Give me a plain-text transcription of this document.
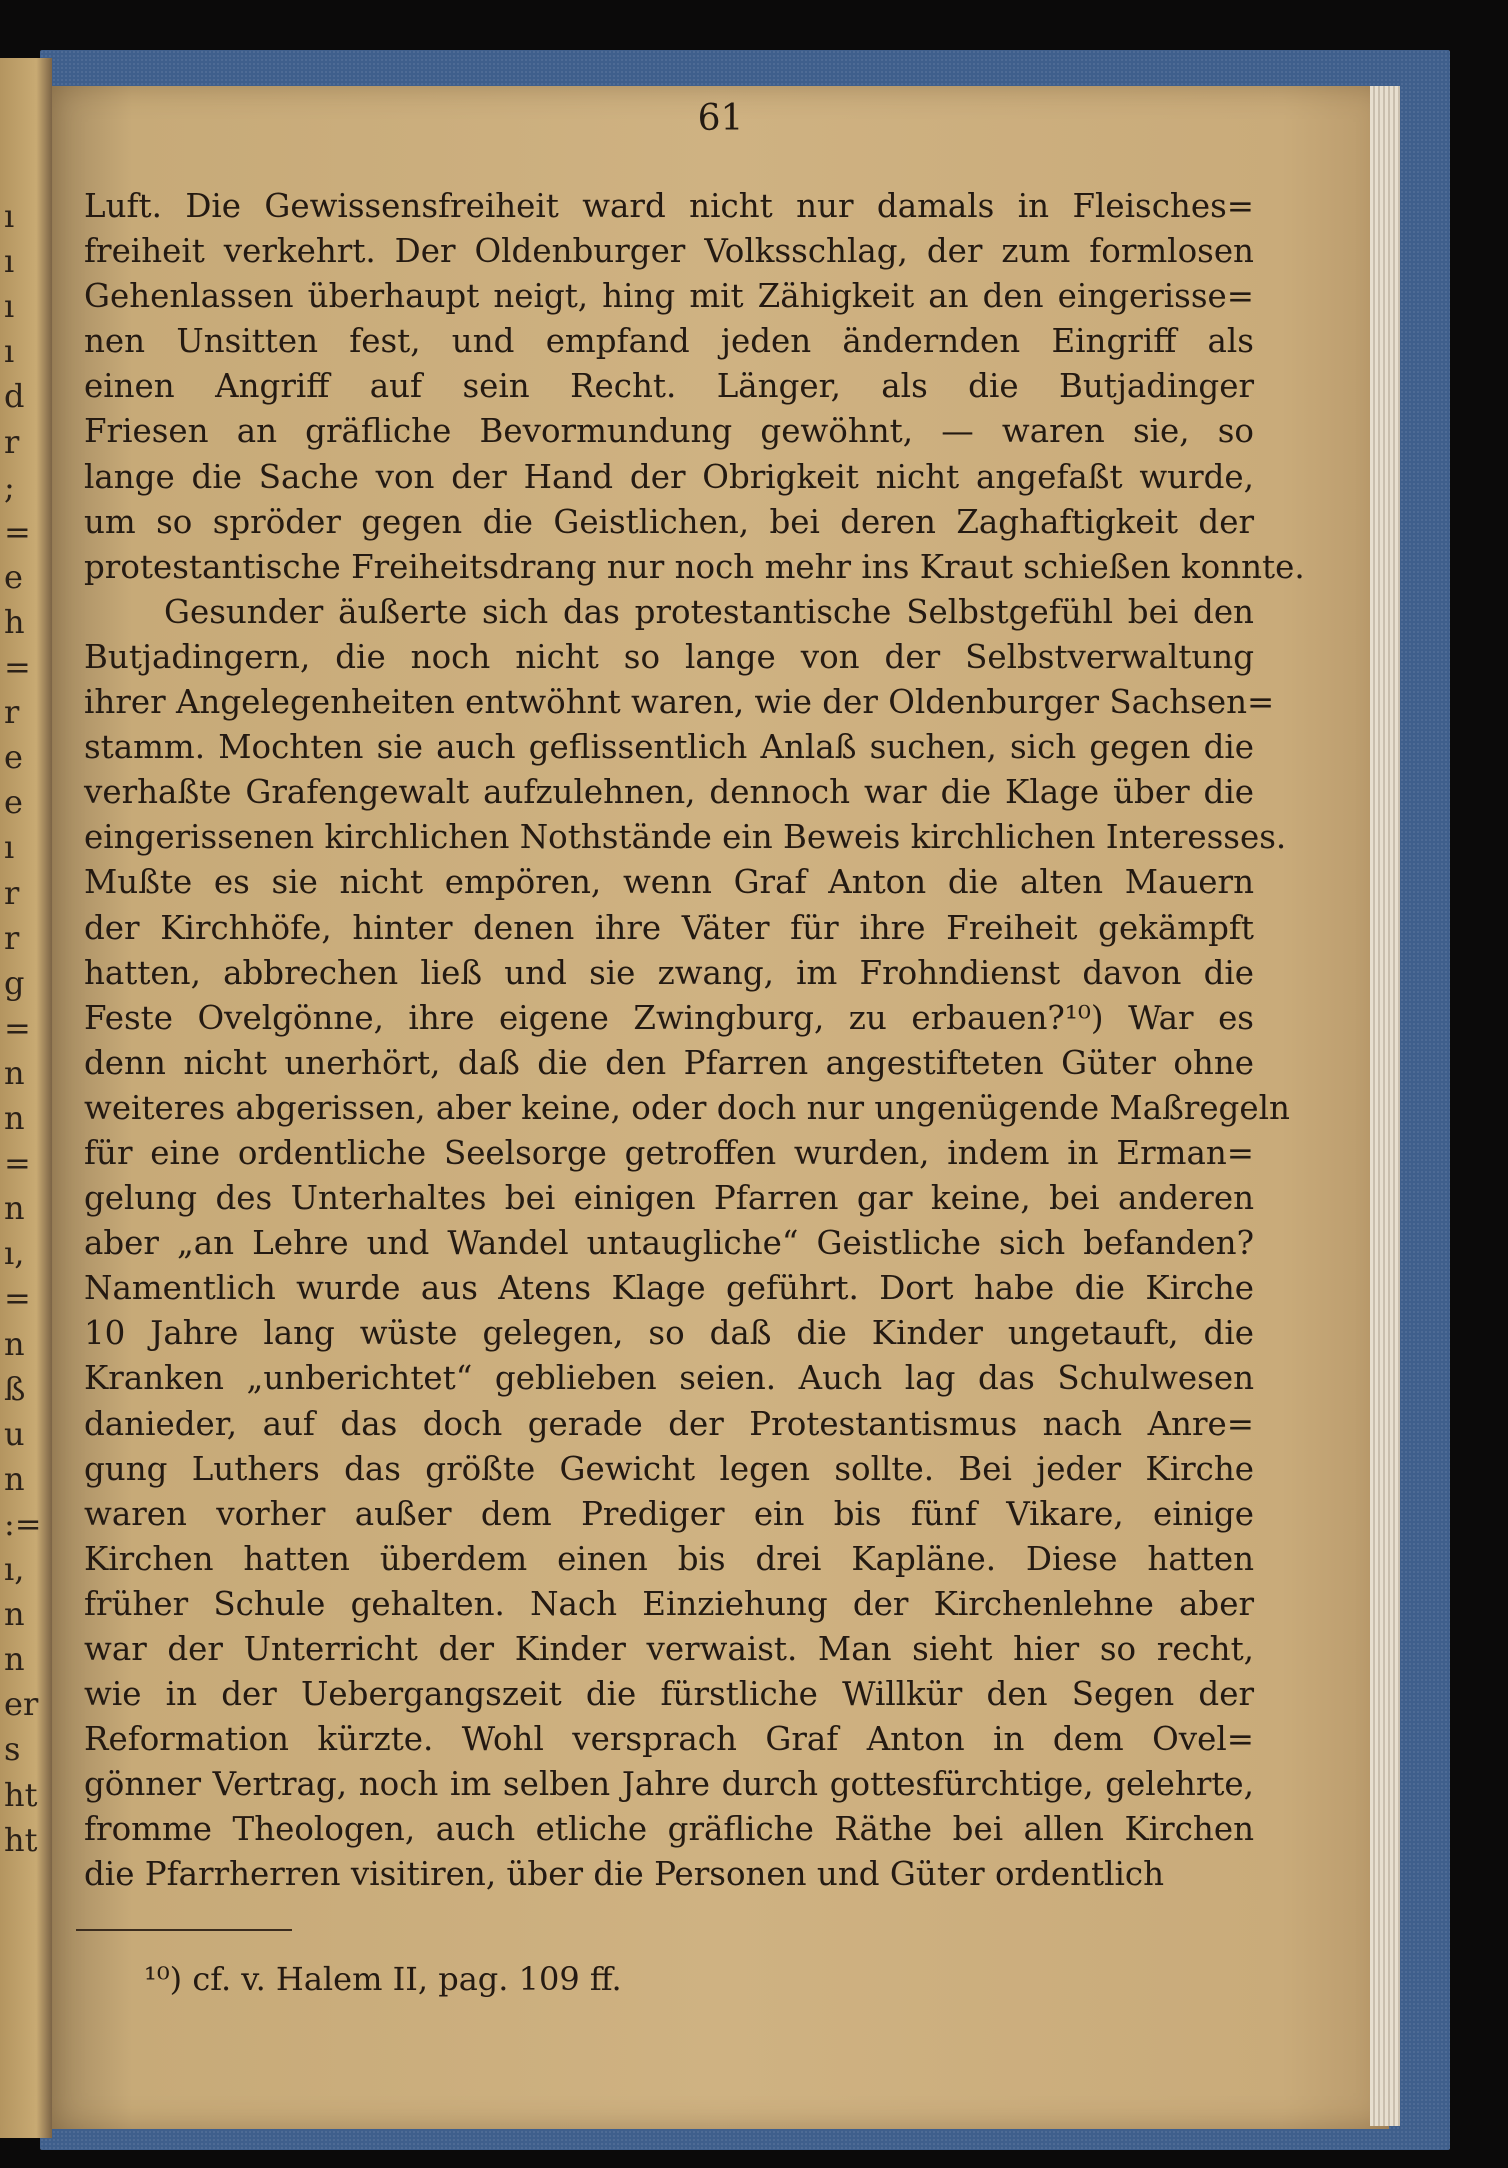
ı
ı
ı
ı
d
r
;
=
e
h
=
r
e
e
ı
r
r
g
=
n
n
=
n
ı,
=
n
ß
u
n
:=
ı,
n
n
er
s
ht
ht
61
Luft. Die Gewissensfreiheit ward nicht nur damals in Fleisches=
freiheit verkehrt. Der Oldenburger Volksschlag, der zum formlosen
Gehenlassen überhaupt neigt, hing mit Zähigkeit an den eingerisse=
nen Unsitten fest, und empfand jeden ändernden Eingriff als
einen Angriff auf sein Recht. Länger, als die Butjadinger
Friesen an gräfliche Bevormundung gewöhnt, — waren sie, so
lange die Sache von der Hand der Obrigkeit nicht angefaßt wurde,
um so spröder gegen die Geistlichen, bei deren Zaghaftigkeit der
protestantische Freiheitsdrang nur noch mehr ins Kraut schießen konnte.
Gesunder äußerte sich das protestantische Selbstgefühl bei den
Butjadingern, die noch nicht so lange von der Selbstverwaltung
ihrer Angelegenheiten entwöhnt waren, wie der Oldenburger Sachsen=
stamm. Mochten sie auch geflissentlich Anlaß suchen, sich gegen die
verhaßte Grafengewalt aufzulehnen, dennoch war die Klage über die
eingerissenen kirchlichen Nothstände ein Beweis kirchlichen Interesses.
Mußte es sie nicht empören, wenn Graf Anton die alten Mauern
der Kirchhöfe, hinter denen ihre Väter für ihre Freiheit gekämpft
hatten, abbrechen ließ und sie zwang, im Frohndienst davon die
Feste Ovelgönne, ihre eigene Zwingburg, zu erbauen?¹⁰) War es
denn nicht unerhört, daß die den Pfarren angestifteten Güter ohne
weiteres abgerissen, aber keine, oder doch nur ungenügende Maßregeln
für eine ordentliche Seelsorge getroffen wurden, indem in Erman=
gelung des Unterhaltes bei einigen Pfarren gar keine, bei anderen
aber „an Lehre und Wandel untaugliche“ Geistliche sich befanden?
Namentlich wurde aus Atens Klage geführt. Dort habe die Kirche
10 Jahre lang wüste gelegen, so daß die Kinder ungetauft, die
Kranken „unberichtet“ geblieben seien. Auch lag das Schulwesen
danieder, auf das doch gerade der Protestantismus nach Anre=
gung Luthers das größte Gewicht legen sollte. Bei jeder Kirche
waren vorher außer dem Prediger ein bis fünf Vikare, einige
Kirchen hatten überdem einen bis drei Kapläne. Diese hatten
früher Schule gehalten. Nach Einziehung der Kirchenlehne aber
war der Unterricht der Kinder verwaist. Man sieht hier so recht,
wie in der Uebergangszeit die fürstliche Willkür den Segen der
Reformation kürzte. Wohl versprach Graf Anton in dem Ovel=
gönner Vertrag, noch im selben Jahre durch gottesfürchtige, gelehrte,
fromme Theologen, auch etliche gräfliche Räthe bei allen Kirchen
die Pfarrherren visitiren, über die Personen und Güter ordentlich
¹⁰) cf. v. Halem II, pag. 109 ff.
